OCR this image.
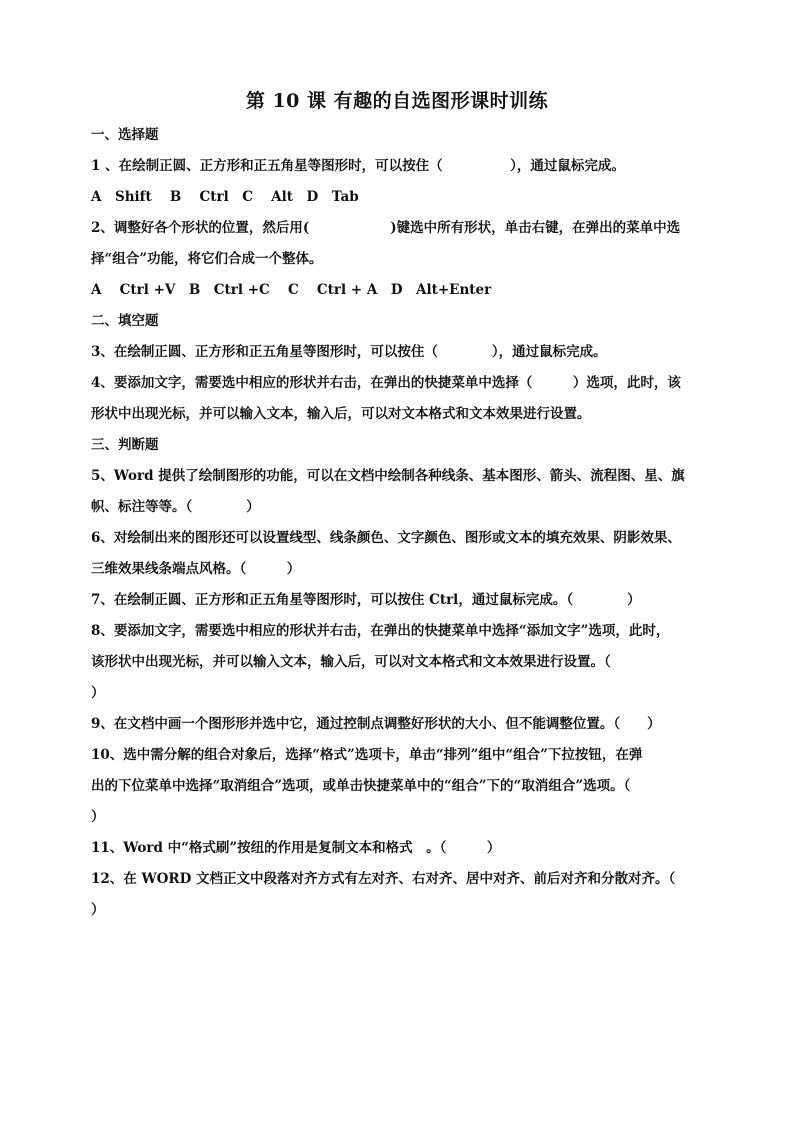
第 10 课 有趣的自选图形课时训练
一、选择题
1 、在绘制正圆、正方形和正五角星等图形时，可以按住（　　　　　），通过鼠标完成。
A　Shift　 B　 Ctrl　C　 Alt　D　Tab
2、调整好各个形状的位置，然后用(　　　　　　)键选中所有形状，单击右键，在弹出的菜单中选
择“组合”功能，将它们合成一个整体。
A　 Ctrl +V　B　Ctrl +C　 C　 Ctrl + A　D　Alt+Enter
二、填空题
3、在绘制正圆、正方形和正五角星等图形时，可以按住（　　　　），通过鼠标完成。
4、要添加文字，需要选中相应的形状并右击，在弹出的快捷菜单中选择（　　　）选项，此时，该
形状中出现光标，并可以输入文本，输入后，可以对文本格式和文本效果进行设置。
三、判断题
5、Word 提供了绘制图形的功能，可以在文档中绘制各种线条、基本图形、箭头、流程图、星、旗
帜、标注等等。（　　　　）
6、对绘制出来的图形还可以设置线型、线条颜色、文字颜色、图形或文本的填充效果、阴影效果、
三维效果线条端点风格。（　　　）
7、在绘制正圆、正方形和正五角星等图形时，可以按住 Ctrl，通过鼠标完成。（　　　　）
8、要添加文字，需要选中相应的形状并右击，在弹出的快捷菜单中选择“添加文字”选项，此时，
该形状中出现光标，并可以输入文本，输入后，可以对文本格式和文本效果进行设置。（
）
9、在文档中画一个图形形并选中它，通过控制点调整好形状的大小、但不能调整位置。（　　）
10、选中需分解的组合对象后，选择“格式”选项卡，单击“排列”组中“组合”下拉按钮，在弹
出的下位菜单中选择“取消组合”选项，或单击快捷菜单中的“组合”下的“取消组合”选项。（
）
11、Word 中“格式刷”按纽的作用是复制文本和格式　。（　　　）
12、在 WORD 文档正文中段落对齐方式有左对齐、右对齐、居中对齐、前后对齐和分散对齐。（
）
